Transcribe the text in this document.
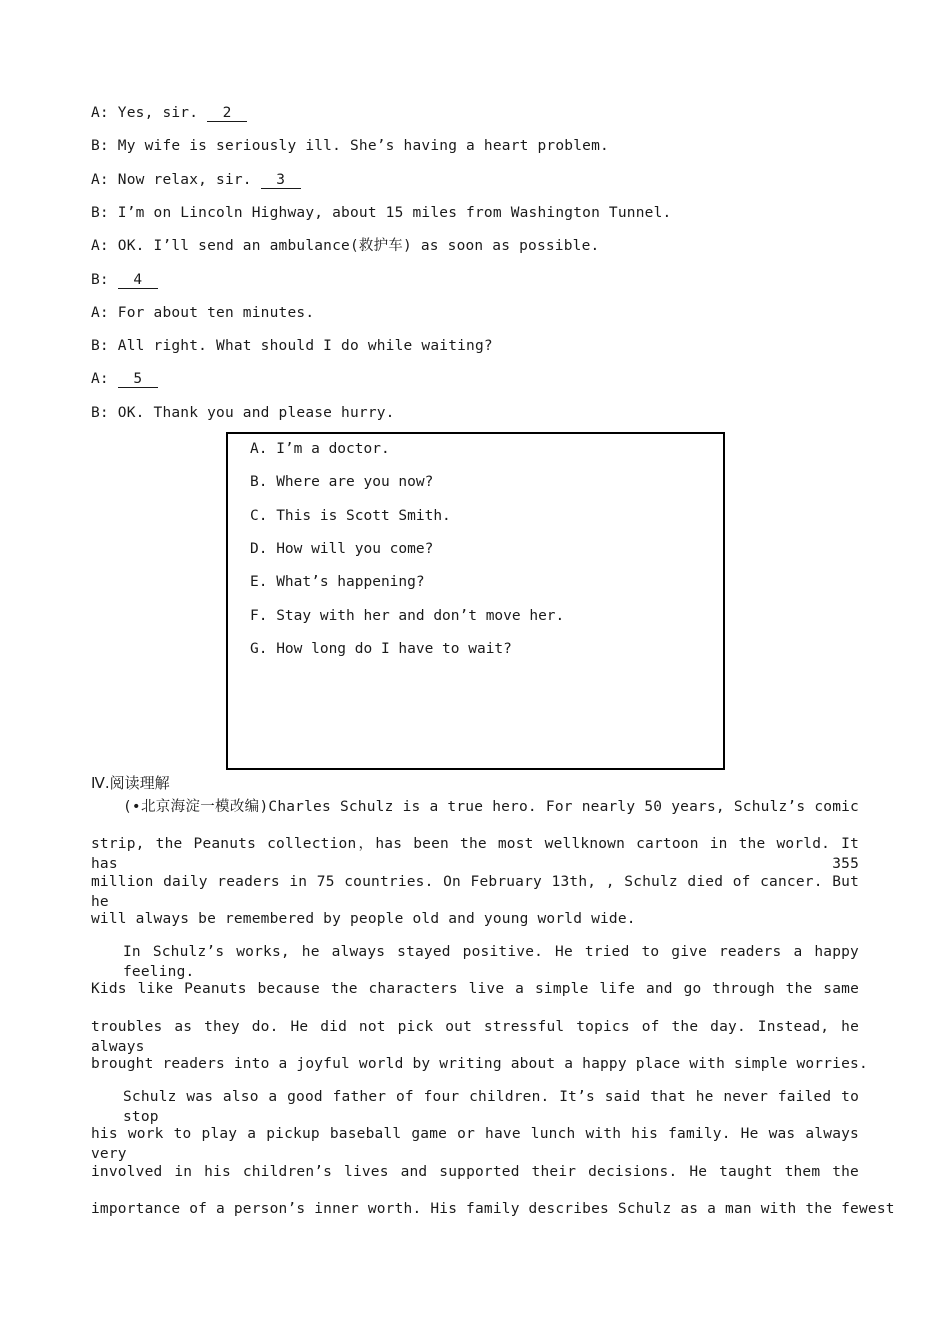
A: Yes, sir. 2
B: My wife is seriously ill. She’s having a heart problem.
A: Now relax, sir. 3
B: I’m on Lincoln Highway, about 15 miles from Washington Tunnel.
A: OK. I’ll send an ambulance(救护车) as soon as possible.
B: 4
A: For about ten minutes.
B: All right. What should I do while waiting?
A: 5
B: OK. Thank you and please hurry.
A. I’m a doctor.
B. Where are you now?
C. This is Scott Smith.
D. How will you come?
E. What’s happening?
F. Stay with her and don’t move her.
G. How long do I have to wait?
Ⅳ.阅读理解
(•北京海淀一模改编)Charles Schulz is a true hero. For nearly 50 years, Schulz’s comic
strip, the Peanuts collection，has been the most wellknown cartoon in the world. It has 355
million daily readers in 75 countries. On February 13th, , Schulz died of cancer. But he
will always be remembered by people old and young world wide.
In Schulz’s works, he always stayed positive. He tried to give readers a happy feeling.
Kids like Peanuts because the characters live a simple life and go through the same
troubles as they do. He did not pick out stressful topics of the day. Instead, he always
brought readers into a joyful world by writing about a happy place with simple worries.
Schulz was also a good father of four children. It’s said that he never failed to stop
his work to play a pickup baseball game or have lunch with his family. He was always very
involved in his children’s lives and supported their decisions. He taught them the
importance of a person’s inner worth. His family describes Schulz as a man with the fewest
